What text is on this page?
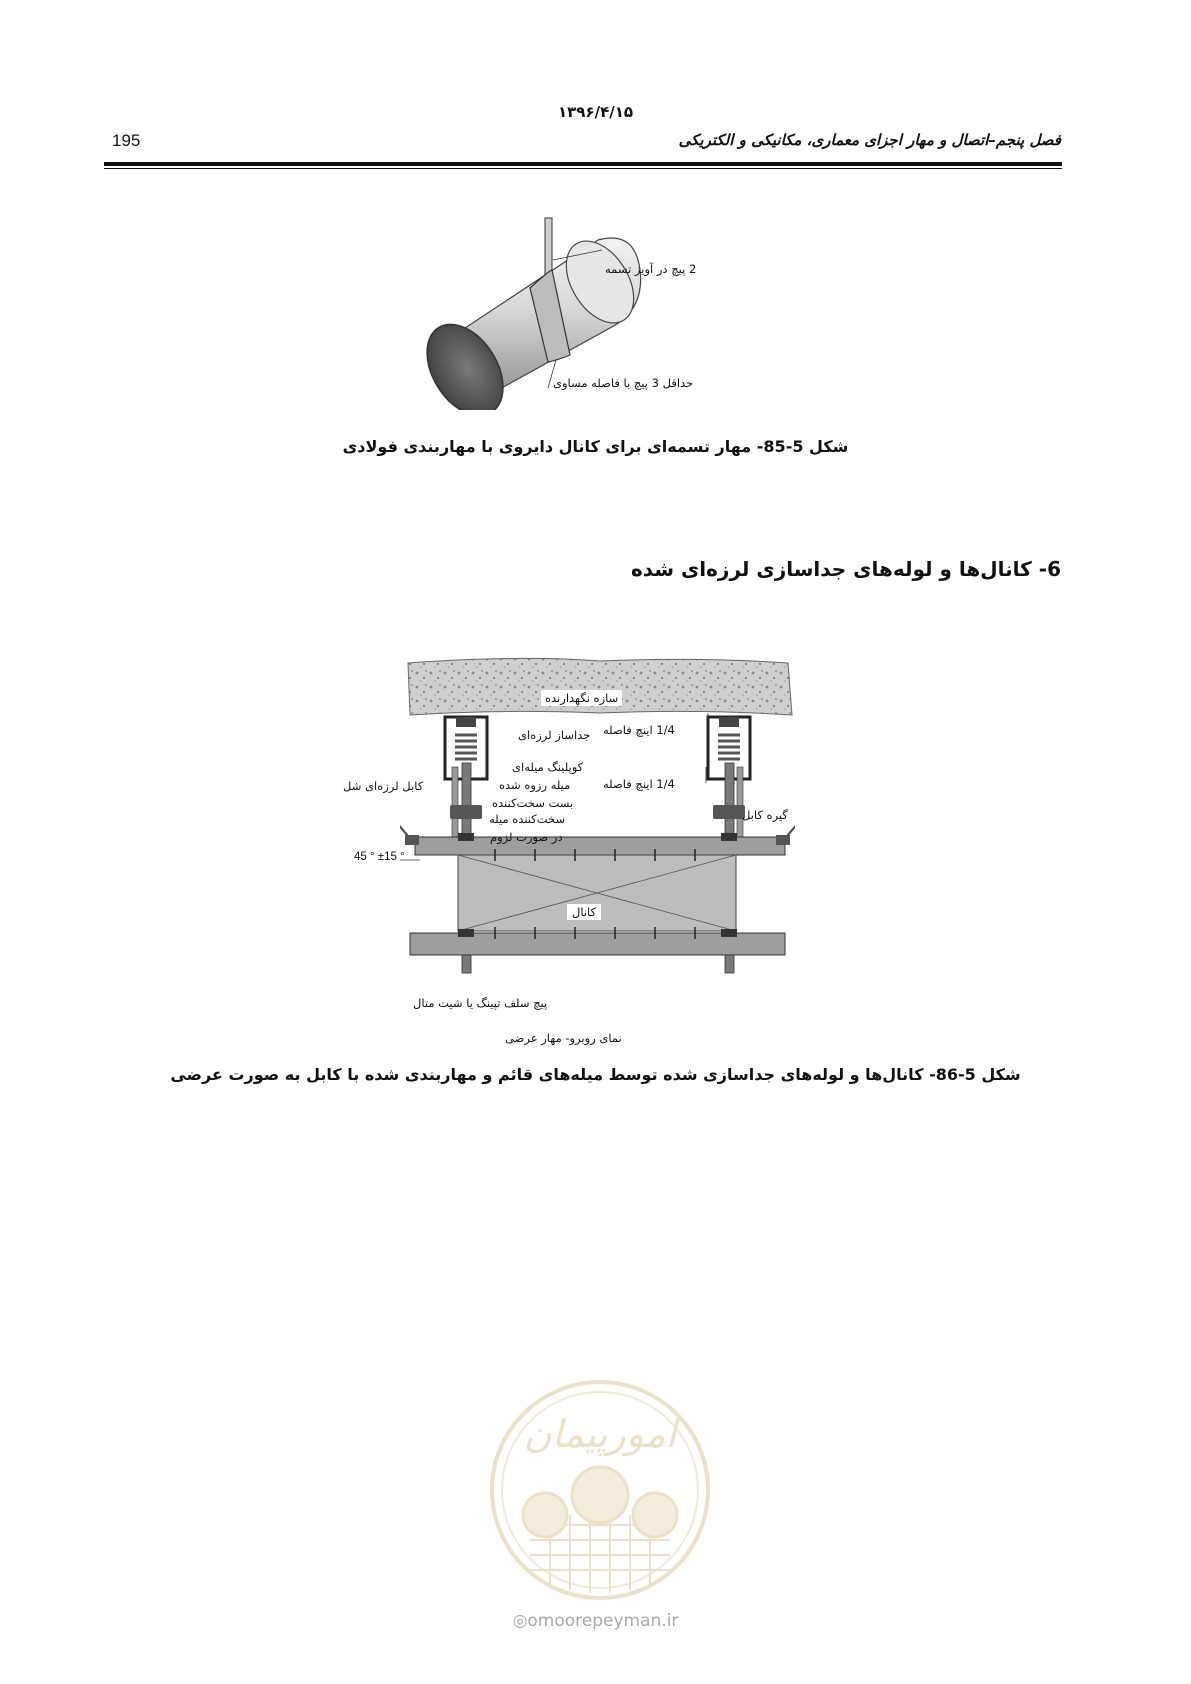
۱۳۹۶/۴/۱۵
195	فصل پنجم–اتصال و مهار اجزای معماری، مکانیکی و الکتریکی
2 پیچ در آویز تسمه
حداقل 3 پیچ با فاصله مساوی
شکل 5-85- مهار تسمه‌ای برای کانال دایروی با مهاربندی فولادی
6- کانال‌ها و لوله‌های جداسازی لرزه‌ای شده
سازه نگهدارنده
جداساز لرزه‌ای 1/4 اینچ فاصله
کوپلینگ میله‌ای
میله رزوه شده
بست سخت‌کننده
سخت‌کننده میله
در صورت لزوم
1/4 اینچ فاصله
کابل لرزه‌ای شل
گیره کابل
45 ° ±15 °
کانال
پیچ سلف تپینگ یا شیت متال
نمای روبرو- مهار عرضی
شکل 5-86- کانال‌ها و لوله‌های جداسازی شده توسط میله‌های قائم و مهاربندی شده با کابل به صورت عرضی
امورپیمان
◎omoorepeyman.ir
